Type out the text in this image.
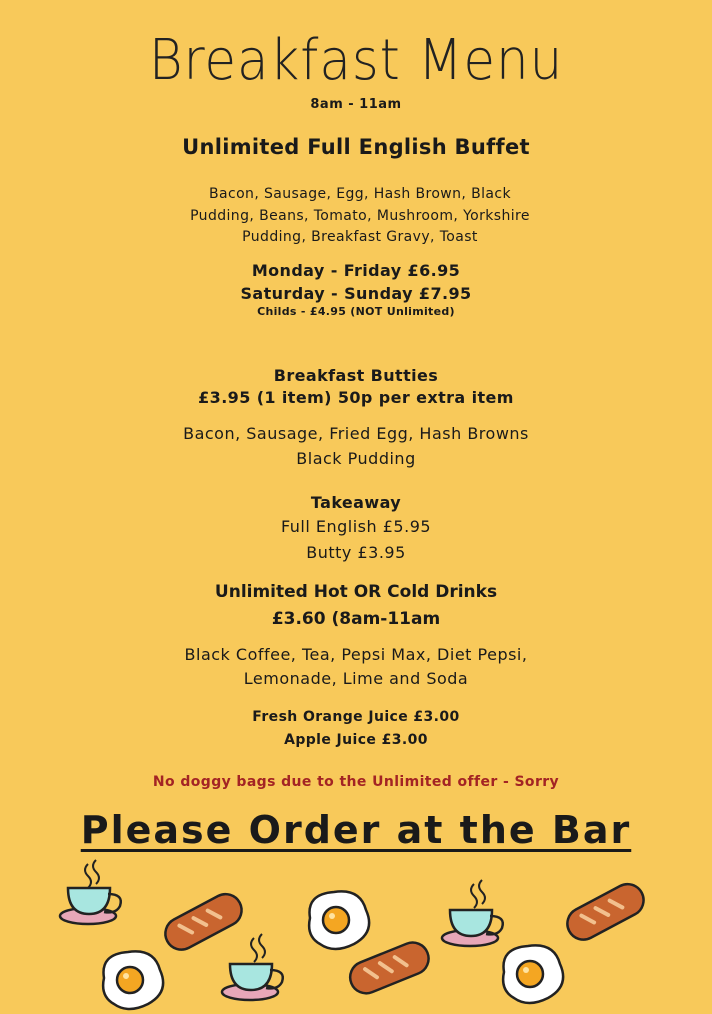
Breakfast Menu
8am - 11am
Unlimited Full English Buffet
Bacon, Sausage, Egg, Hash Brown, Black Pudding, Beans, Tomato, Mushroom, Yorkshire Pudding, Breakfast Gravy, Toast
Monday - Friday £6.95
Saturday - Sunday £7.95
Childs - £4.95 (NOT Unlimited)
Breakfast Butties
£3.95 (1 item) 50p per extra item
Bacon, Sausage, Fried Egg, Hash Browns
Black Pudding
Takeaway
Full English £5.95
Butty £3.95
Unlimited Hot OR Cold Drinks
£3.60 (8am-11am
Black Coffee, Tea, Pepsi Max, Diet Pepsi,
Lemonade, Lime and Soda
Fresh Orange Juice £3.00
Apple Juice £3.00
No doggy bags due to the Unlimited offer - Sorry
Please Order at the Bar
